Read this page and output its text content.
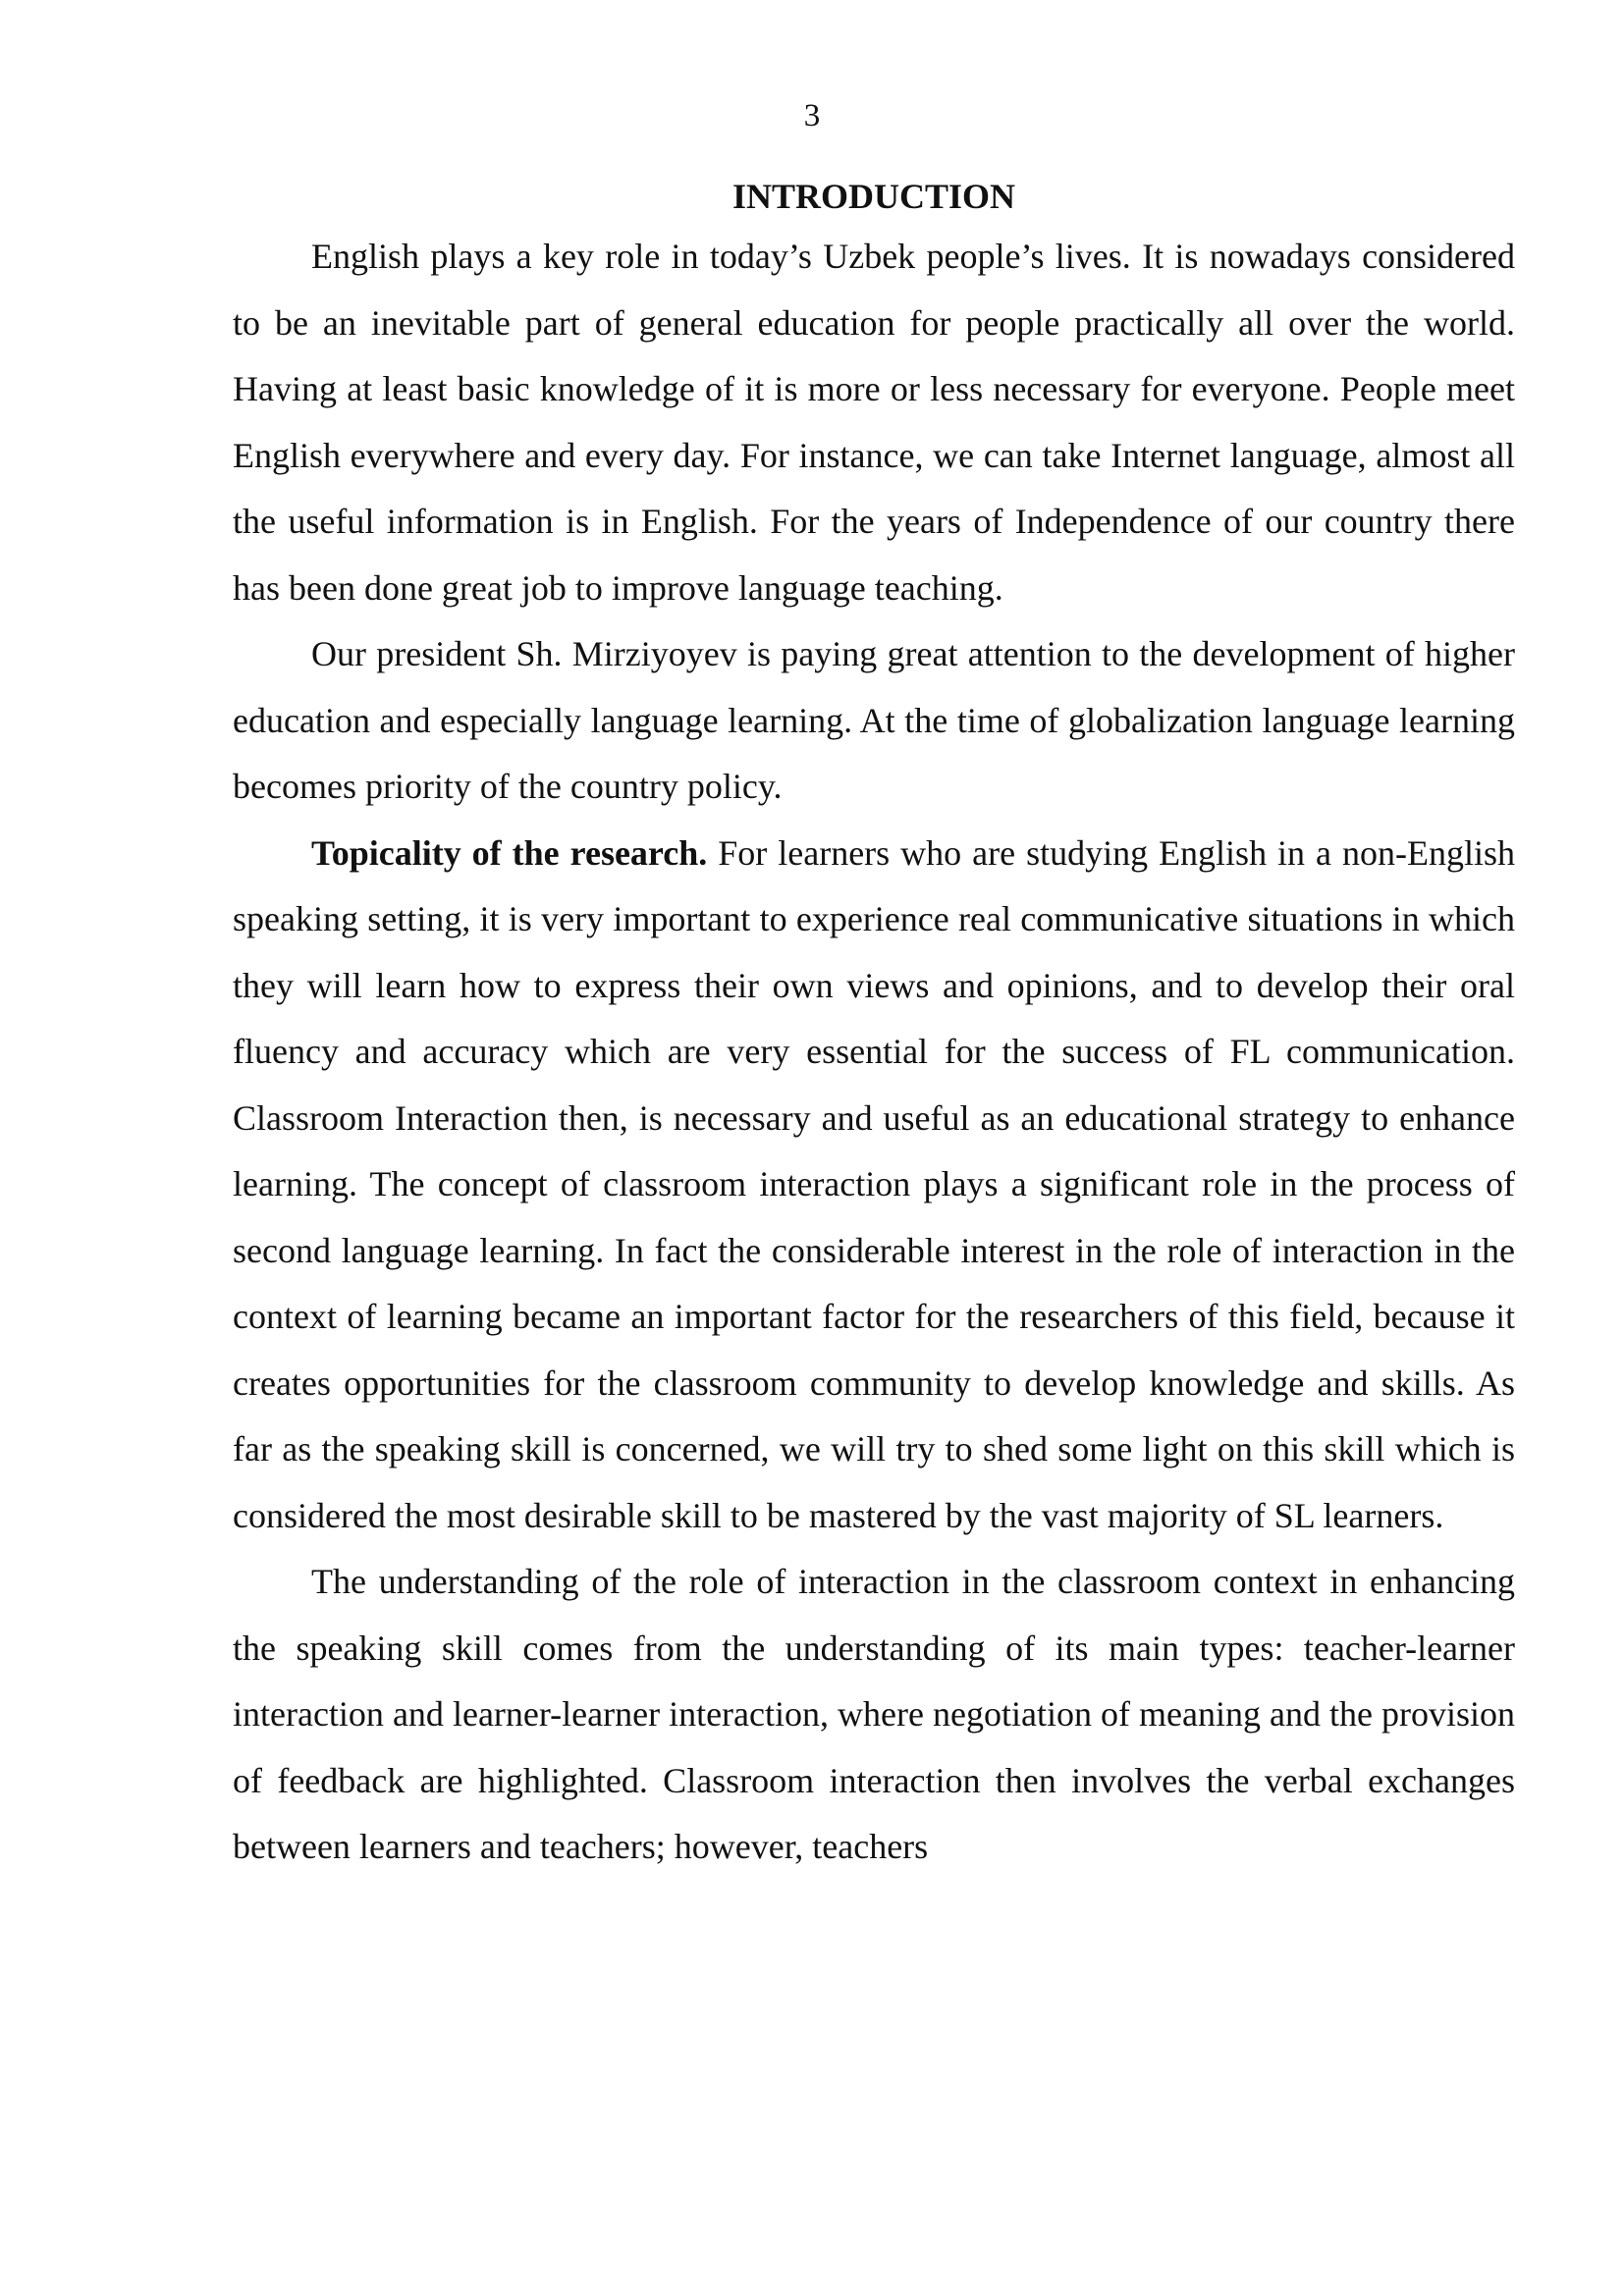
3
INTRODUCTION

English plays a key role in today’s Uzbek people’s lives. It is nowadays considered to be an inevitable part of general education for people practically all over the world. Having at least basic knowledge of it is more or less necessary for everyone. People meet English everywhere and every day. For instance, we can take Internet language, almost all the useful information is in English. For the years of Independence of our country there has been done great job to improve language teaching.

Our president Sh. Mirziyoyev is paying great attention to the development of higher education and especially language learning. At the time of globalization language learning becomes priority of the country policy.

Topicality of the research. For learners who are studying English in a non-English speaking setting, it is very important to experience real communicative situations in which they will learn how to express their own views and opinions, and to develop their oral fluency and accuracy which are very essential for the success of FL communication. Classroom Interaction then, is necessary and useful as an educational strategy to enhance learning. The concept of classroom interaction plays a significant role in the process of second language learning. In fact the considerable interest in the role of interaction in the context of learning became an important factor for the researchers of this field, because it creates opportunities for the classroom community to develop knowledge and skills. As far as the speaking skill is concerned, we will try to shed some light on this skill which is considered the most desirable skill to be mastered by the vast majority of SL learners.

The understanding of the role of interaction in the classroom context in enhancing the speaking skill comes from the understanding of its main types: teacher-learner interaction and learner-learner interaction, where negotiation of meaning and the provision of feedback are highlighted. Classroom interaction then involves the verbal exchanges between learners and teachers; however, teachers
